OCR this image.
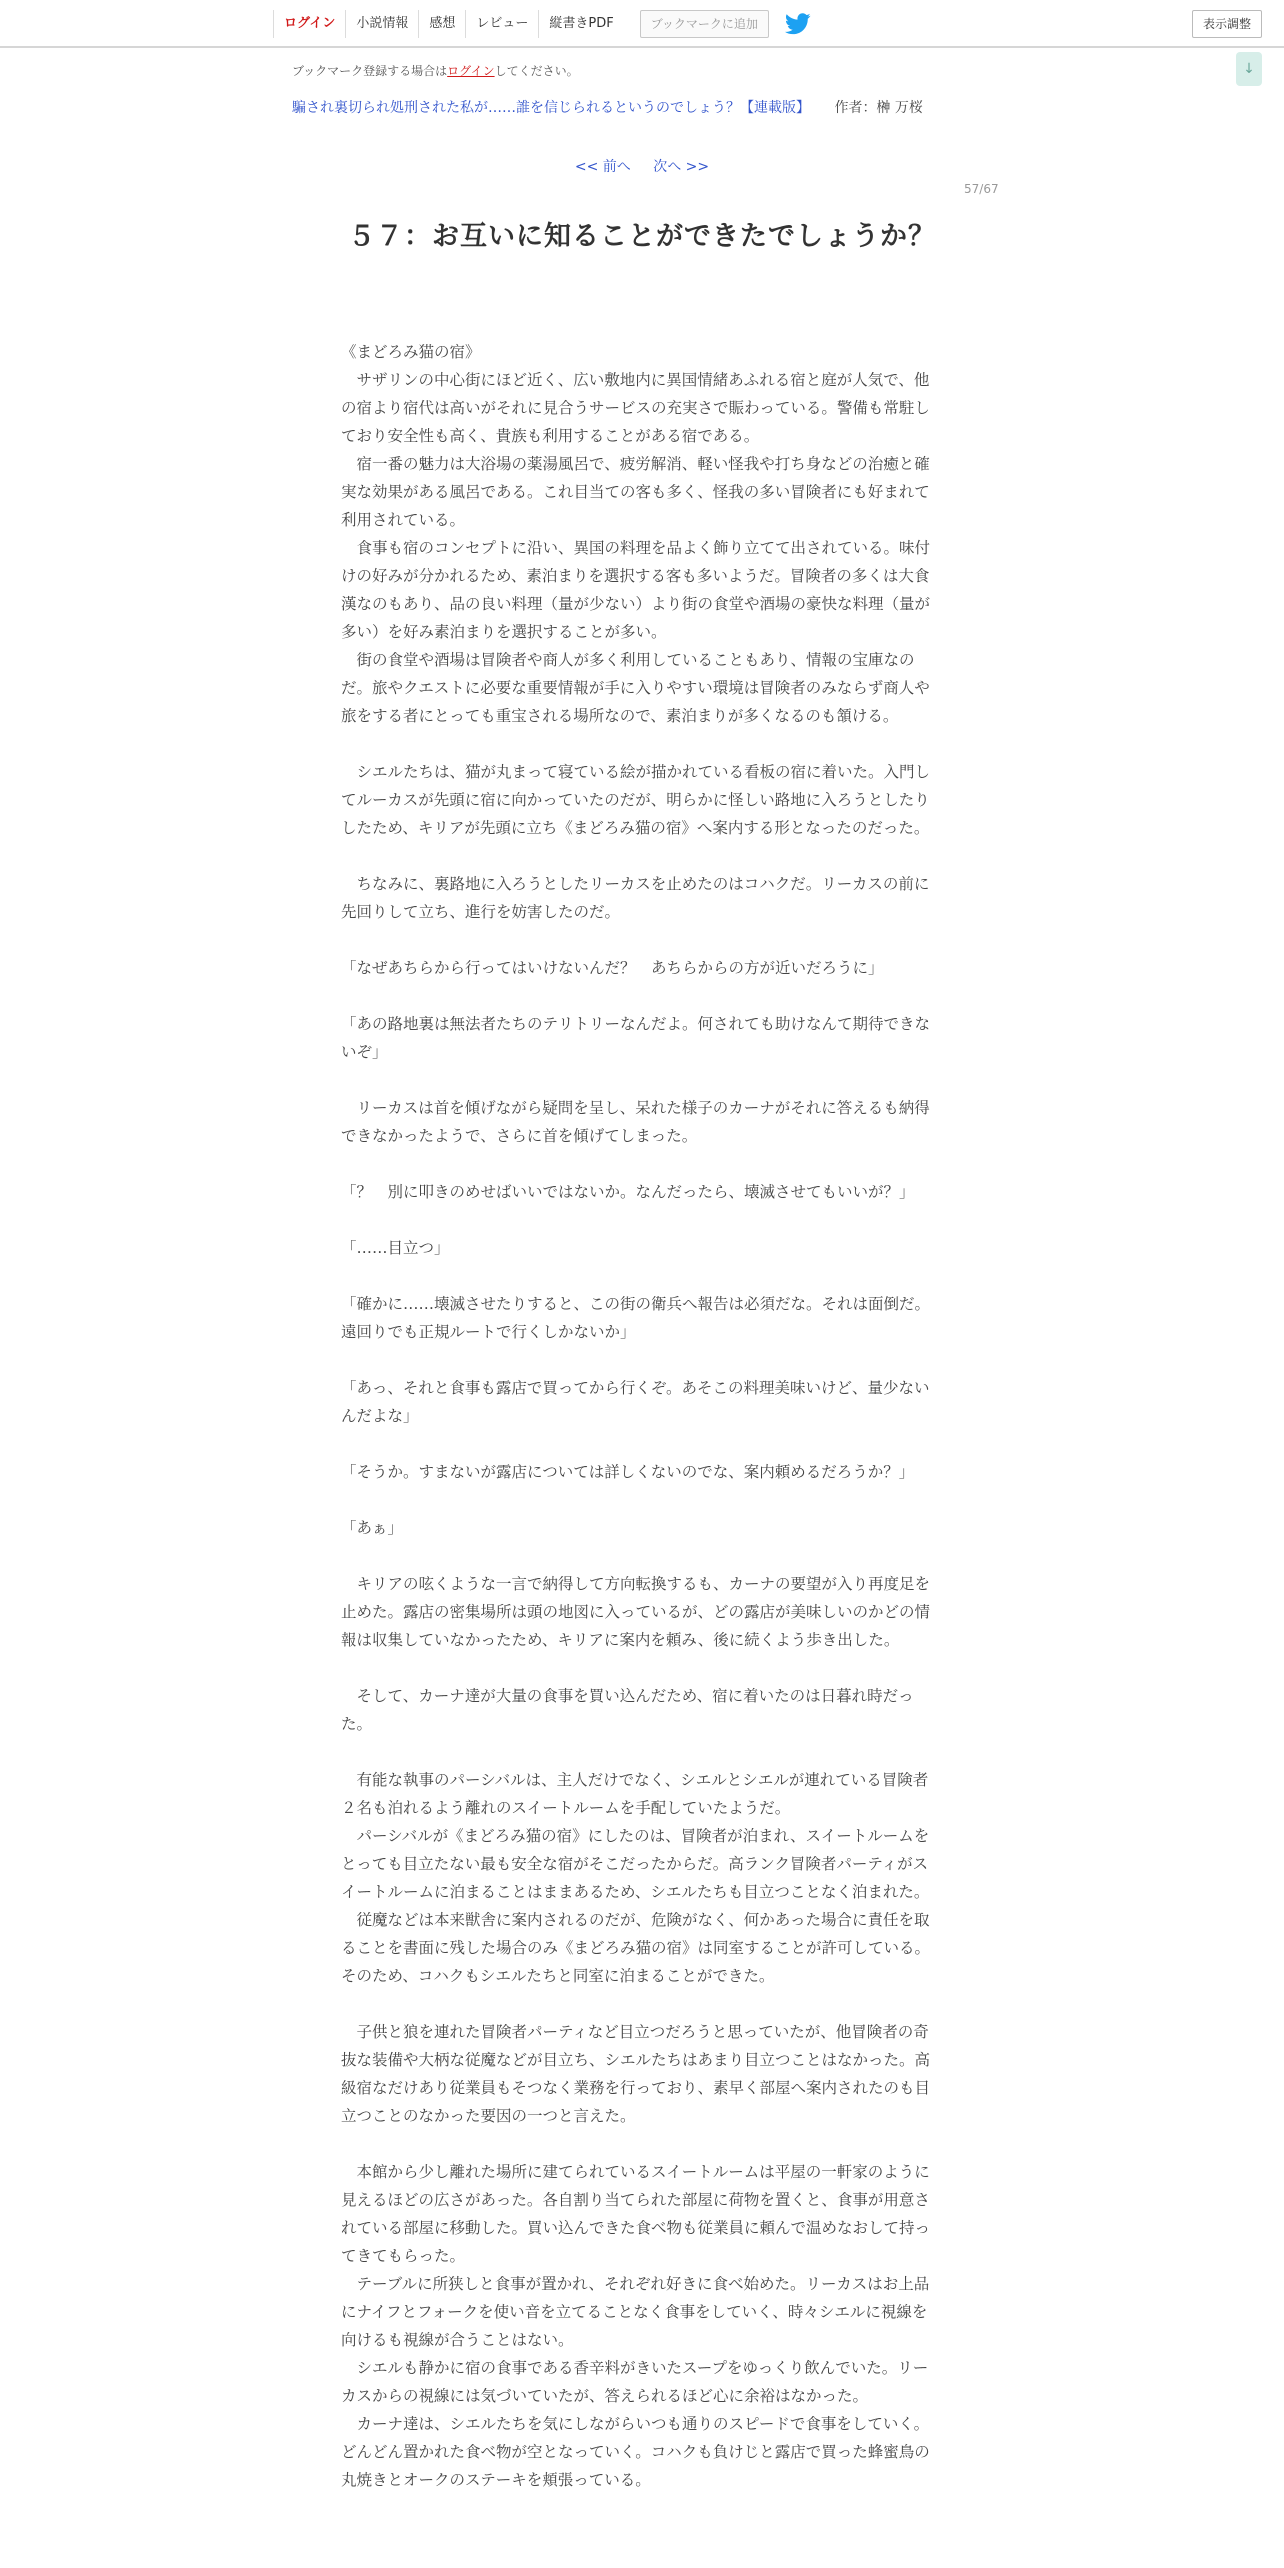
ログイン	小説情報	感想	レビュー	縦書きPDF	ブックマークに追加	表示調整
↓
ブックマーク登録する場合はログインしてください。
騙され裏切られ処刑された私が……誰を信じられるというのでしょう？【連載版】 作者：榊 万桜
<< 前へ 次へ >>
57/67
５７：お互いに知ることができたでしょうか？

《まどろみ猫の宿》

　サザリンの中心街にほど近く、広い敷地内に異国情緒あふれる宿と庭が人気で、他の宿より宿代は高いがそれに見合うサービスの充実さで賑わっている。警備も常駐しており安全性も高く、貴族も利用することがある宿である。

　宿一番の魅力は大浴場の薬湯風呂で、疲労解消、軽い怪我や打ち身などの治癒と確実な効果がある風呂である。これ目当ての客も多く、怪我の多い冒険者にも好まれて利用されている。

　食事も宿のコンセプトに沿い、異国の料理を品よく飾り立てて出されている。味付けの好みが分かれるため、素泊まりを選択する客も多いようだ。冒険者の多くは大食漢なのもあり、品の良い料理（量が少ない）より街の食堂や酒場の豪快な料理（量が多い）を好み素泊まりを選択することが多い。

　街の食堂や酒場は冒険者や商人が多く利用していることもあり、情報の宝庫なのだ。旅やクエストに必要な重要情報が手に入りやすい環境は冒険者のみならず商人や旅をする者にとっても重宝される場所なので、素泊まりが多くなるのも頷ける。

　シエルたちは、猫が丸まって寝ている絵が描かれている看板の宿に着いた。入門してルーカスが先頭に宿に向かっていたのだが、明らかに怪しい路地に入ろうとしたりしたため、キリアが先頭に立ち《まどろみ猫の宿》へ案内する形となったのだった。

　ちなみに、裏路地に入ろうとしたリーカスを止めたのはコハクだ。リーカスの前に先回りして立ち、進行を妨害したのだ。

「なぜあちらから行ってはいけないんだ？　あちらからの方が近いだろうに」

「あの路地裏は無法者たちのテリトリーなんだよ。何されても助けなんて期待できないぞ」

　リーカスは首を傾げながら疑問を呈し、呆れた様子のカーナがそれに答えるも納得できなかったようで、さらに首を傾げてしまった。

「？　別に叩きのめせばいいではないか。なんだったら、壊滅させてもいいが？」

「……目立つ」

「確かに……壊滅させたりすると、この街の衛兵へ報告は必須だな。それは面倒だ。遠回りでも正規ルートで行くしかないか」

「あっ、それと食事も露店で買ってから行くぞ。あそこの料理美味いけど、量少ないんだよな」

「そうか。すまないが露店については詳しくないのでな、案内頼めるだろうか？」

「あぁ」

　キリアの呟くような一言で納得して方向転換するも、カーナの要望が入り再度足を止めた。露店の密集場所は頭の地図に入っているが、どの露店が美味しいのかどの情報は収集していなかったため、キリアに案内を頼み、後に続くよう歩き出した。

　そして、カーナ達が大量の食事を買い込んだため、宿に着いたのは日暮れ時だった。

　有能な執事のパーシバルは、主人だけでなく、シエルとシエルが連れている冒険者２名も泊れるよう離れのスイートルームを手配していたようだ。

　パーシバルが《まどろみ猫の宿》にしたのは、冒険者が泊まれ、スイートルームをとっても目立たない最も安全な宿がそこだったからだ。高ランク冒険者パーティがスイートルームに泊まることはままあるため、シエルたちも目立つことなく泊まれた。

　従魔などは本来獣舎に案内されるのだが、危険がなく、何かあった場合に責任を取ることを書面に残した場合のみ《まどろみ猫の宿》は同室することが許可している。そのため、コハクもシエルたちと同室に泊まることができた。

　子供と狼を連れた冒険者パーティなど目立つだろうと思っていたが、他冒険者の奇抜な装備や大柄な従魔などが目立ち、シエルたちはあまり目立つことはなかった。高級宿なだけあり従業員もそつなく業務を行っており、素早く部屋へ案内されたのも目立つことのなかった要因の一つと言えた。

　本館から少し離れた場所に建てられているスイートルームは平屋の一軒家のように見えるほどの広さがあった。各自割り当てられた部屋に荷物を置くと、食事が用意されている部屋に移動した。買い込んできた食べ物も従業員に頼んで温めなおして持ってきてもらった。

　テーブルに所狭しと食事が置かれ、それぞれ好きに食べ始めた。リーカスはお上品にナイフとフォークを使い音を立てることなく食事をしていく、時々シエルに視線を向けるも視線が合うことはない。

　シエルも静かに宿の食事である香辛料がきいたスープをゆっくり飲んでいた。リーカスからの視線には気づいていたが、答えられるほど心に余裕はなかった。

　カーナ達は、シエルたちを気にしながらいつも通りのスピードで食事をしていく。どんどん置かれた食べ物が空となっていく。コハクも負けじと露店で買った蜂蜜鳥の丸焼きとオークのステーキを頬張っている。
